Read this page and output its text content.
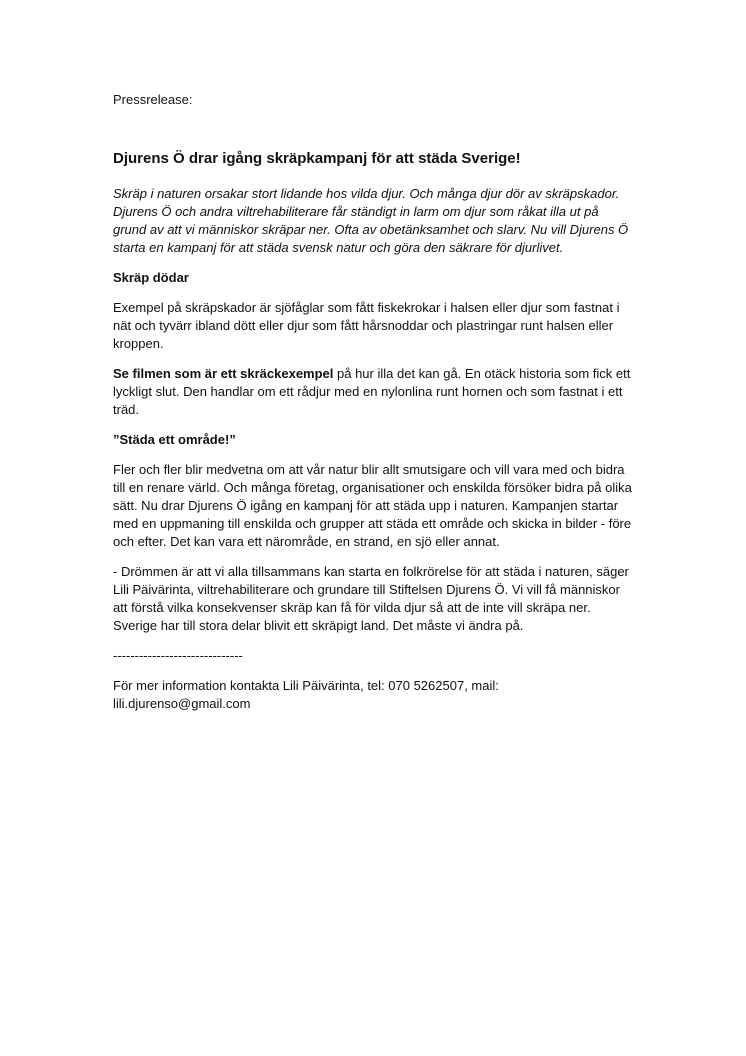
Pressrelease:
Djurens Ö drar igång skräpkampanj för att städa Sverige!

Skräp i naturen orsakar stort lidande hos vilda djur. Och många djur dör av skräpskador. Djurens Ö och andra viltrehabiliterare får ständigt in larm om djur som råkat illa ut på grund av att vi människor skräpar ner. Ofta av obetänksamhet och slarv. Nu vill Djurens Ö starta en kampanj för att städa svensk natur och göra den säkrare för djurlivet.

Skräp dödar

Exempel på skräpskador är sjöfåglar som fått fiskekrokar i halsen eller djur som fastnat i nät och tyvärr ibland dött eller djur som fått hårsnoddar och plastringar runt halsen eller kroppen.

Se filmen som är ett skräckexempel på hur illa det kan gå. En otäck historia som fick ett lyckligt slut. Den handlar om ett rådjur med en nylonlina runt hornen och som fastnat i ett träd.

”Städa ett område!”

Fler och fler blir medvetna om att vår natur blir allt smutsigare och vill vara med och bidra till en renare värld. Och många företag, organisationer och enskilda försöker bidra på olika sätt. Nu drar Djurens Ö igång en kampanj för att städa upp i naturen. Kampanjen startar med en uppmaning till enskilda och grupper att städa ett område och skicka in bilder - före och efter. Det kan vara ett närområde, en strand, en sjö eller annat.

- Drömmen är att vi alla tillsammans kan starta en folkrörelse för att städa i naturen, säger Lili Päivärinta, viltrehabiliterare och grundare till Stiftelsen Djurens Ö. Vi vill få människor att förstå vilka konsekvenser skräp kan få för vilda djur så att de inte vill skräpa ner. Sverige har till stora delar blivit ett skräpigt land. Det måste vi ändra på.

------------------------------

För mer information kontakta Lili Päivärinta, tel: 070 5262507, mail: lili.djurenso@gmail.com
